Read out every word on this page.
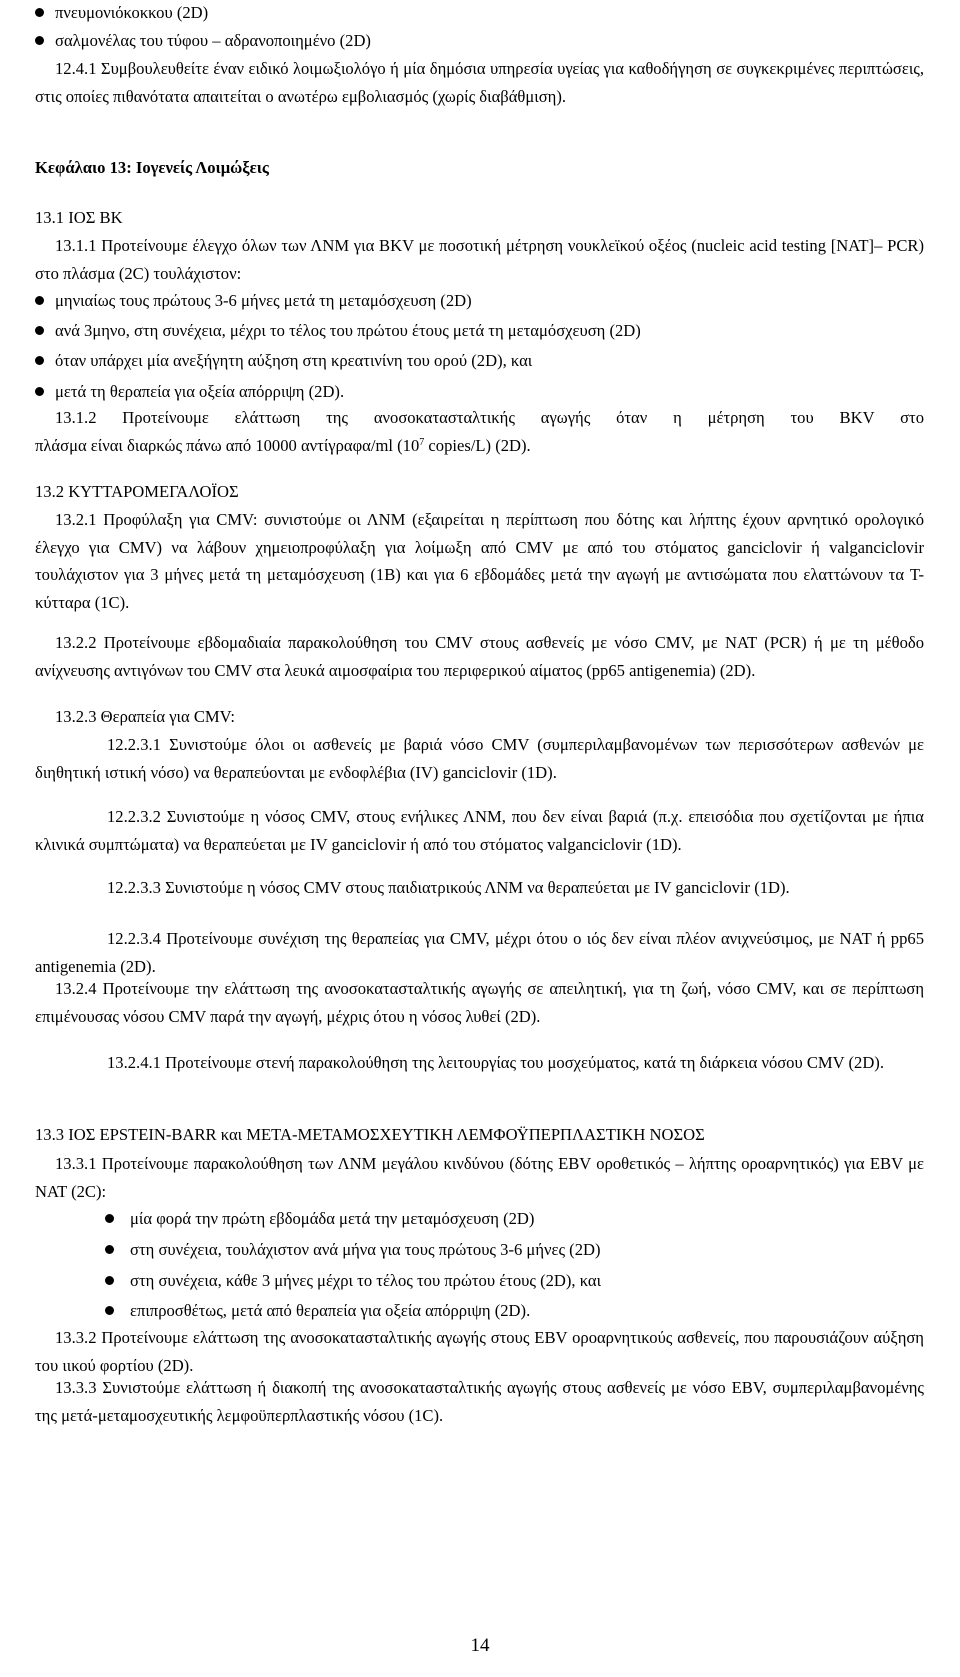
πνευμονιόκοκκου (2D)
σαλμονέλας του τύφου – αδρανοποιημένο (2D)

12.4.1 Συμβουλευθείτε έναν ειδικό λοιμωξιολόγο ή μία δημόσια υπηρεσία υγείας για καθοδήγηση σε συγκεκριμένες περιπτώσεις, στις οποίες πιθανότατα απαιτείται ο ανωτέρω εμβολιασμός (χωρίς διαβάθμιση).

Κεφάλαιο 13: Ιογενείς Λοιμώξεις
13.1 ΙΟΣ ΒΚ

13.1.1 Προτείνουμε έλεγχο όλων των ΛΝΜ για BKV με ποσοτική μέτρηση νουκλεϊκού οξέος (nucleic acid testing [NAT]– PCR) στο πλάσμα (2C) τουλάχιστον:

μηνιαίως τους πρώτους 3-6 μήνες μετά τη μεταμόσχευση (2D)
ανά 3μηνο, στη συνέχεια, μέχρι το τέλος του πρώτου έτους μετά τη μεταμόσχευση (2D)
όταν υπάρχει μία ανεξήγητη αύξηση στη κρεατινίνη του ορού (2D), και
μετά τη θεραπεία για οξεία απόρριψη (2D).
13.1.2 Προτείνουμε ελάττωση της ανοσοκατασταλτικής αγωγής όταν η μέτρηση του BKV στο
πλάσμα είναι διαρκώς πάνω από 10000 αντίγραφα/ml ($10^7$ copies/L) (2D).
13.2 ΚΥΤΤΑΡΟΜΕΓΑΛΟΪΟΣ

13.2.1 Προφύλαξη για CMV: συνιστούμε οι ΛΝΜ (εξαιρείται η περίπτωση που δότης και λήπτης έχουν αρνητικό ορολογικό έλεγχο για CMV) να λάβουν χημειοπροφύλαξη για λοίμωξη από CMV με από του στόματος ganciclovir ή valganciclovir τουλάχιστον για 3 μήνες μετά τη μεταμόσχευση (1B) και για 6 εβδομάδες μετά την αγωγή με αντισώματα που ελαττώνουν τα T-κύτταρα (1C).

13.2.2 Προτείνουμε εβδομαδιαία παρακολούθηση του CMV στους ασθενείς με νόσο CMV, με NAT (PCR) ή με τη μέθοδο ανίχνευσης αντιγόνων του CMV στα λευκά αιμοσφαίρια του περιφερικού αίματος (pp65 antigenemia) (2D).

13.2.3 Θεραπεία για CMV:

12.2.3.1 Συνιστούμε όλοι οι ασθενείς με βαριά νόσο CMV (συμπεριλαμβανομένων των περισσότερων ασθενών με διηθητική ιστική νόσο) να θεραπεύονται με ενδοφλέβια (IV) ganciclovir (1D).

12.2.3.2 Συνιστούμε η νόσος CMV, στους ενήλικες ΛΝΜ, που δεν είναι βαριά (π.χ. επεισόδια που σχετίζονται με ήπια κλινικά συμπτώματα) να θεραπεύεται με IV ganciclovir ή από του στόματος valganciclovir (1D).

12.2.3.3 Συνιστούμε η νόσος CMV στους παιδιατρικούς ΛΝΜ να θεραπεύεται με IV ganciclovir (1D).

12.2.3.4 Προτείνουμε συνέχιση της θεραπείας για CMV, μέχρι ότου ο ιός δεν είναι πλέον ανιχνεύσιμος, με NAT ή pp65 antigenemia (2D).

13.2.4 Προτείνουμε την ελάττωση της ανοσοκατασταλτικής αγωγής σε απειλητική, για τη ζωή, νόσο CMV, και σε περίπτωση επιμένουσας νόσου CMV παρά την αγωγή, μέχρις ότου η νόσος λυθεί (2D).

13.2.4.1 Προτείνουμε στενή παρακολούθηση της λειτουργίας του μοσχεύματος, κατά τη διάρκεια νόσου CMV (2D).

13.3 ΙΟΣ EPSTEIN-BARR και ΜΕΤΑ-ΜΕΤΑΜΟΣΧΕΥΤΙΚΗ ΛΕΜΦΟΫΠΕΡΠΛΑΣΤΙΚΗ ΝΟΣΟΣ

13.3.1 Προτείνουμε παρακολούθηση των ΛΝΜ μεγάλου κινδύνου (δότης EBV οροθετικός – λήπτης οροαρνητικός) για EBV με NAT (2C):

μία φορά την πρώτη εβδομάδα μετά την μεταμόσχευση (2D)
στη συνέχεια, τουλάχιστον ανά μήνα για τους πρώτους 3-6 μήνες (2D)
στη συνέχεια, κάθε 3 μήνες μέχρι το τέλος του πρώτου έτους (2D), και
επιπροσθέτως, μετά από θεραπεία για οξεία απόρριψη (2D).

13.3.2 Προτείνουμε ελάττωση της ανοσοκατασταλτικής αγωγής στους EBV οροαρνητικούς ασθενείς, που παρουσιάζουν αύξηση του ιικού φορτίου (2D).

13.3.3 Συνιστούμε ελάττωση ή διακοπή της ανοσοκατασταλτικής αγωγής στους ασθενείς με νόσο EBV, συμπεριλαμβανομένης της μετά-μεταμοσχευτικής λεμφοϋπερπλαστικής νόσου (1C).

14
